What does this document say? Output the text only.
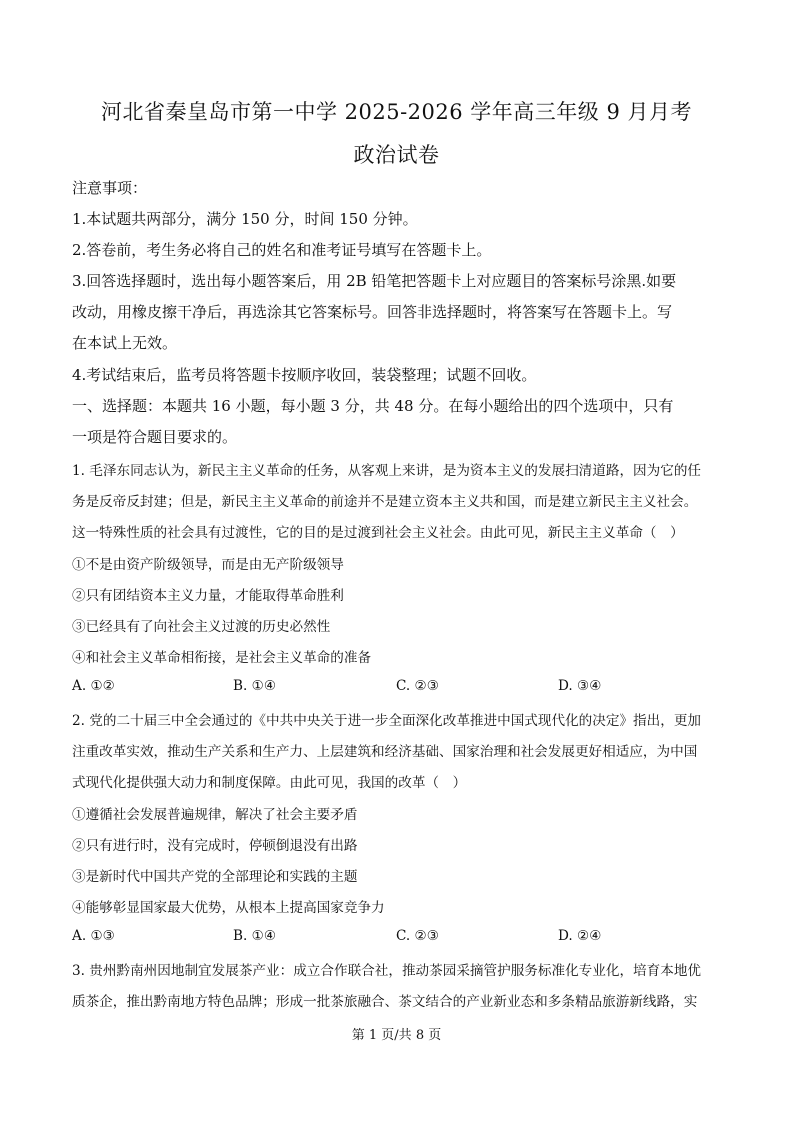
河北省秦皇岛市第一中学 2025-2026 学年高三年级 9 月月考
政治试卷
注意事项：
1.本试题共两部分，满分 150 分，时间 150 分钟。
2.答卷前，考生务必将自己的姓名和准考证号填写在答题卡上。
3.回答选择题时，选出每小题答案后，用 2B 铅笔把答题卡上对应题目的答案标号涂黑.如要
改动，用橡皮擦干净后，再选涂其它答案标号。回答非选择题时，将答案写在答题卡上。写
在本试上无效。
4.考试结束后，监考员将答题卡按顺序收回，装袋整理；试题不回收。
一、选择题：本题共 16 小题，每小题 3 分，共 48 分。在每小题给出的四个选项中，只有
一项是符合题目要求的。
1. 毛泽东同志认为，新民主主义革命的任务，从客观上来讲，是为资本主义的发展扫清道路，因为它的任
务是反帝反封建；但是，新民主主义革命的前途并不是建立资本主义共和国，而是建立新民主主义社会。
这一特殊性质的社会具有过渡性，它的目的是过渡到社会主义社会。由此可见，新民主主义革命（　）
①不是由资产阶级领导，而是由无产阶级领导
②只有团结资本主义力量，才能取得革命胜利
③已经具有了向社会主义过渡的历史必然性
④和社会主义革命相衔接，是社会主义革命的准备
A. ①②	B. ①④	C. ②③	D. ③④
2. 党的二十届三中全会通过的《中共中央关于进一步全面深化改革推进中国式现代化的决定》指出，更加
注重改革实效，推动生产关系和生产力、上层建筑和经济基础、国家治理和社会发展更好相适应，为中国
式现代化提供强大动力和制度保障。由此可见，我国的改革（　）
①遵循社会发展普遍规律，解决了社会主要矛盾
②只有进行时，没有完成时，停顿倒退没有出路
③是新时代中国共产党的全部理论和实践的主题
④能够彰显国家最大优势，从根本上提高国家竞争力
A. ①③	B. ①④	C. ②③	D. ②④
3. 贵州黔南州因地制宜发展茶产业：成立合作联合社，推动茶园采摘管护服务标准化专业化，培育本地优
质茶企，推出黔南地方特色品牌；形成一批茶旅融合、茶文结合的产业新业态和多条精品旅游新线路，实
第 1 页/共 8 页
